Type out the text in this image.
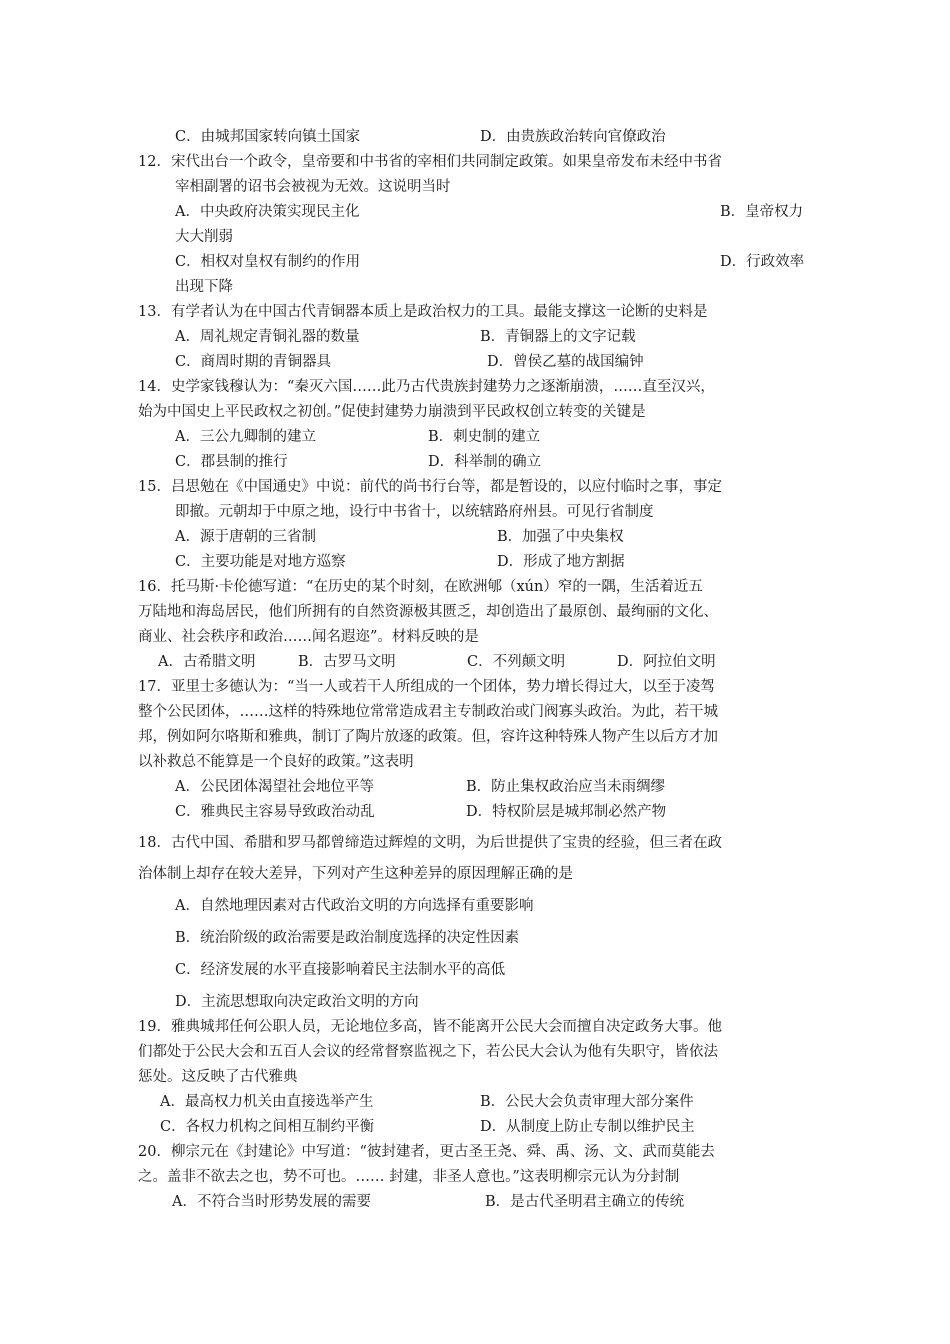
C．由城邦国家转向镇土国家	D．由贵族政治转向官僚政治
12．宋代出台一个政令，皇帝要和中书省的宰相们共同制定政策。如果皇帝发布未经中书省
宰相副署的诏书会被视为无效。这说明当时
A．中央政府决策实现民主化	B．皇帝权力
大大削弱
C．相权对皇权有制约的作用	D．行政效率
出现下降
13．有学者认为在中国古代青铜器本质上是政治权力的工具。最能支撑这一论断的史料是
A．周礼规定青铜礼器的数量	B．青铜器上的文字记载
C．商周时期的青铜器具	D．曾侯乙墓的战国编钟
14．史学家钱穆认为：“秦灭六国……此乃古代贵族封建势力之逐渐崩溃，……直至汉兴，
始为中国史上平民政权之初创。”促使封建势力崩溃到平民政权创立转变的关键是
A．三公九卿制的建立	B．刺史制的建立
C．郡县制的推行	D．科举制的确立
15．吕思勉在《中国通史》中说：前代的尚书行台等，都是暂设的，以应付临时之事，事定
即撤。元朝却于中原之地，设行中书省十，以统辖路府州县。可见行省制度
A．源于唐朝的三省制	B．加强了中央集权
C．主要功能是对地方巡察	D．形成了地方割据
16．托马斯·卡伦德写道：“在历史的某个时刻，在欧洲郇（xún）窄的一隅，生活着近五
万陆地和海岛居民，他们所拥有的自然资源极其匮乏，却创造出了最原创、最绚丽的文化、
商业、社会秩序和政治……闻名遐迩”。材料反映的是
A．古希腊文明	B．古罗马文明	C．不列颠文明	D．阿拉伯文明
17．亚里士多德认为：“当一人或若干人所组成的一个团体，势力增长得过大，以至于凌驾
整个公民团体，……这样的特殊地位常常造成君主专制政治或门阀寡头政治。为此，若干城
邦，例如阿尔咯斯和雅典，制订了陶片放逐的政策。但，容许这种特殊人物产生以后方才加
以补救总不能算是一个良好的政策。”这表明
A．公民团体渴望社会地位平等	B．防止集权政治应当未雨绸缪
C．雅典民主容易导致政治动乱	D．特权阶层是城邦制必然产物
18．古代中国、希腊和罗马都曾缔造过辉煌的文明，为后世提供了宝贵的经验，但三者在政
治体制上却存在较大差异，下列对产生这种差异的原因理解正确的是
A．自然地理因素对古代政治文明的方向选择有重要影响
B．统治阶级的政治需要是政治制度选择的决定性因素
C．经济发展的水平直接影响着民主法制水平的高低
D．主流思想取向决定政治文明的方向
19．雅典城邦任何公职人员，无论地位多高，皆不能离开公民大会而擅自决定政务大事。他
们都处于公民大会和五百人会议的经常督察监视之下，若公民大会认为他有失职守，皆依法
惩处。这反映了古代雅典
A．最高权力机关由直接选举产生	B．公民大会负责审理大部分案件
C．各权力机构之间相互制约平衡	D．从制度上防止专制以维护民主
20．柳宗元在《封建论》中写道：“彼封建者，更古圣王尧、舜、禹、汤、文、武而莫能去
之。盖非不欲去之也，势不可也。…… 封建，非圣人意也。”这表明柳宗元认为分封制
A．不符合当时形势发展的需要	B．是古代圣明君主确立的传统
